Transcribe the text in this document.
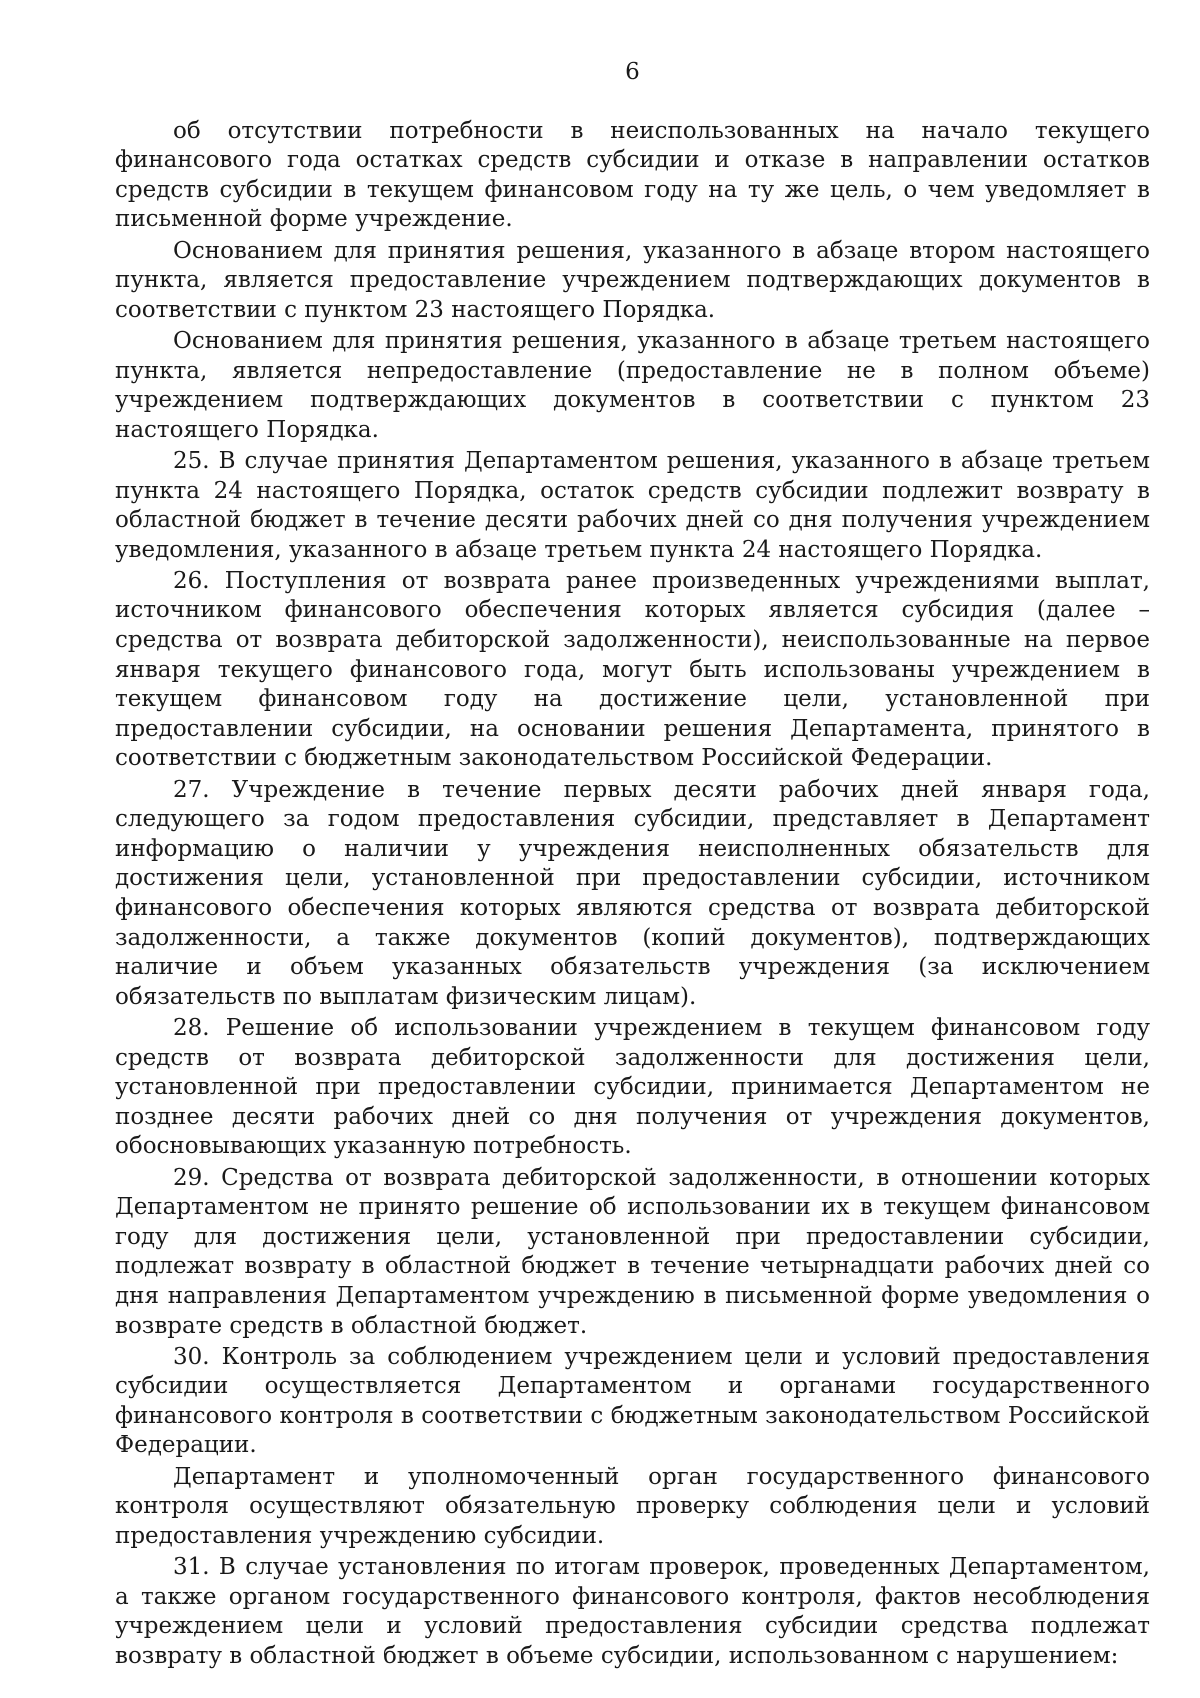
6

об отсутствии потребности в неиспользованных на начало текущего финансового года остатках средств субсидии и отказе в направлении остатков средств субсидии в текущем финансовом году на ту же цель, о чем уведомляет в письменной форме учреждение.

Основанием для принятия решения, указанного в абзаце втором настоящего пункта, является предоставление учреждением подтверждающих документов в соответствии с пунктом 23 настоящего Порядка.

Основанием для принятия решения, указанного в абзаце третьем настоящего пункта, является непредоставление (предоставление не в полном объеме) учреждением подтверждающих документов в соответствии с пунктом 23 настоящего Порядка.

25. В случае принятия Департаментом решения, указанного в абзаце третьем пункта 24 настоящего Порядка, остаток средств субсидии подлежит возврату в областной бюджет в течение десяти рабочих дней со дня получения учреждением уведомления, указанного в абзаце третьем пункта 24 настоящего Порядка.

26. Поступления от возврата ранее произведенных учреждениями выплат, источником финансового обеспечения которых является субсидия (далее – средства от возврата дебиторской задолженности), неиспользованные на первое января текущего финансового года, могут быть использованы учреждением в текущем финансовом году на достижение цели, установленной при предоставлении субсидии, на основании решения Департамента, принятого в соответствии с бюджетным законодательством Российской Федерации.

27. Учреждение в течение первых десяти рабочих дней января года, следующего за годом предоставления субсидии, представляет в Департамент информацию о наличии у учреждения неисполненных обязательств для достижения цели, установленной при предоставлении субсидии, источником финансового обеспечения которых являются средства от возврата дебиторской задолженности, а также документов (копий документов), подтверждающих наличие и объем указанных обязательств учреждения (за исключением обязательств по выплатам физическим лицам).

28. Решение об использовании учреждением в текущем финансовом году средств от возврата дебиторской задолженности для достижения цели, установленной при предоставлении субсидии, принимается Департаментом не позднее десяти рабочих дней со дня получения от учреждения документов, обосновывающих указанную потребность.

29. Средства от возврата дебиторской задолженности, в отношении которых Департаментом не принято решение об использовании их в текущем финансовом году для достижения цели, установленной при предоставлении субсидии, подлежат возврату в областной бюджет в течение четырнадцати рабочих дней со дня направления Департаментом учреждению в письменной форме уведомления о возврате средств в областной бюджет.

30. Контроль за соблюдением учреждением цели и условий предоставления субсидии осуществляется Департаментом и органами государственного финансового контроля в соответствии с бюджетным законодательством Российской Федерации.

Департамент и уполномоченный орган государственного финансового контроля осуществляют обязательную проверку соблюдения цели и условий предоставления учреждению субсидии.

31. В случае установления по итогам проверок, проведенных Департаментом, а также органом государственного финансового контроля, фактов несоблюдения учреждением цели и условий предоставления субсидии средства подлежат возврату в областной бюджет в объеме субсидии, использованном с нарушением:
